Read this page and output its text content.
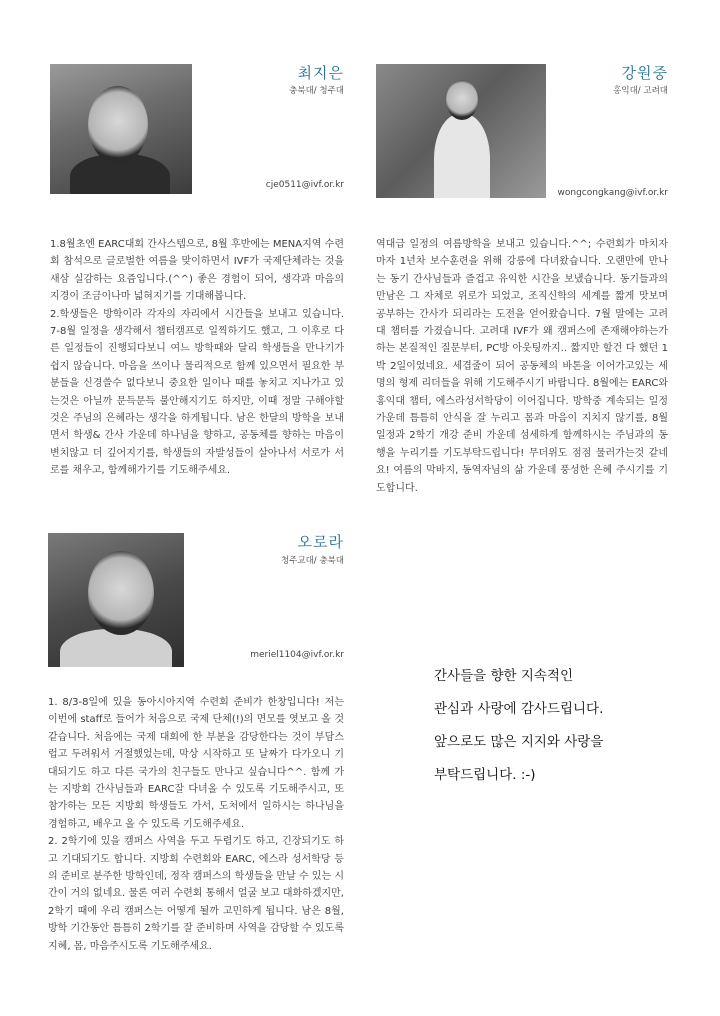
최지은
충북대/ 청주대
cje0511@ivf.or.kr

1.8월초엔 EARC대회 간사스텝으로, 8월 후반에는 MENA지역 수련회 참석으로 글로벌한 여름을 맞이하면서 IVF가 국제단체라는 것을 새삼 실감하는 요즘입니다.(^^) 좋은 경험이 되어, 생각과 마음의 지경이 조금이나마 넓혀지기를 기대해봅니다.

2.학생들은 방학이라 각자의 자리에서 시간들을 보내고 있습니다. 7-8월 일정을 생각해서 챕터캠프로 일찍하기도 했고, 그 이후로 다른 일정들이 진행되다보니 여느 방학때와 달리 학생들을 만나기가 쉽지 않습니다. 마음을 쓰이나 물리적으로 함께 있으면서 필요한 부분들을 신경쓸수 없다보니 중요한 일이나 때를 놓치고 지나가고 있는것은 아닐까 문득문득 불안해지기도 하지만, 이때 정말 구해야할 것은 주님의 은혜라는 생각을 하게됩니다. 남은 한달의 방학을 보내면서 학생& 간사 가운데 하나님을 향하고, 공동체를 향하는 마음이 변치않고 더 깊어지기를, 학생들의 자발성들이 살아나서 서로가 서로를 채우고, 함께해가기를 기도해주세요.

강원중
홍익대/ 고려대
wongcongkang@ivf.or.kr

역대급 일정의 여름방학을 보내고 있습니다.^^; 수련회가 마치자마자 1년차 보수훈련을 위해 강릉에 다녀왔습니다. 오랜만에 만나는 동기 간사님들과 즐겁고 유익한 시간을 보냈습니다. 동기들과의 만남은 그 자체로 위로가 되었고, 조직신학의 세계를 짧게 맛보며 공부하는 간사가 되리라는 도전을 얻어왔습니다. 7월 말에는 고려대 챕터를 가졌습니다. 고려대 IVF가 왜 캠퍼스에 존재해야하는가 하는 본질적인 질문부터, PC방 아웃팅까지.. 짧지만 할건 다 했던 1박 2일이었네요. 세겹줄이 되어 공동체의 바톤을 이어가고있는 세명의 형제 리더들을 위해 기도해주시기 바랍니다. 8월에는 EARC와 홍익대 챕터, 에스라성서학당이 이어집니다. 방학중 계속되는 일정 가운데 틈틈히 안식을 잘 누리고 몸과 마음이 지치지 않기를, 8월 일정과 2학기 개강 준비 가운데 섬세하게 함께하시는 주님과의 동행을 누리기를 기도부탁드립니다! 무더위도 점점 물러가는것 같네요! 여름의 막바지, 동역자님의 삶 가운데 풍성한 은혜 주시기를 기도합니다.

오로라
청주교대/ 충북대
meriel1104@ivf.or.kr

1. 8/3-8일에 있을 동아시아지역 수련회 준비가 한창입니다! 저는 이번에 staff로 들어가 처음으로 국제 단체(!)의 면모를 엿보고 올 것 같습니다. 처음에는 국제 대회에 한 부분을 감당한다는 것이 부담스럽고 두려워서 거절했었는데, 막상 시작하고 또 날짜가 다가오니 기대되기도 하고 다른 국가의 친구들도 만나고 싶습니다^^. 함께 가는 지방회 간사님들과 EARC잘 다녀올 수 있도록 기도해주시고, 또 참가하는 모든 지방회 학생들도 가서, 도처에서 일하시는 하나님을 경험하고, 배우고 올 수 있도록 기도해주세요.

2. 2학기에 있을 캠퍼스 사역을 두고 두렵기도 하고, 긴장되기도 하고 기대되기도 합니다. 지방회 수련회와 EARC, 에스라 성서학당 등의 준비로 분주한 방학인데, 정작 캠퍼스의 학생들을 만날 수 있는 시간이 거의 없네요. 물론 여러 수련회 통해서 얼굴 보고 대화하겠지만, 2학기 때에 우리 캠퍼스는 어떻게 될까 고민하게 됩니다. 남은 8월, 방학 기간동안 틈틈히 2학기를 잘 준비하며 사역을 감당할 수 있도록 지혜, 몸, 마음주시도록 기도해주세요.

간사들을 향한 지속적인

관심과 사랑에 감사드립니다.

앞으로도 많은 지지와 사랑을

부탁드립니다. :-)
